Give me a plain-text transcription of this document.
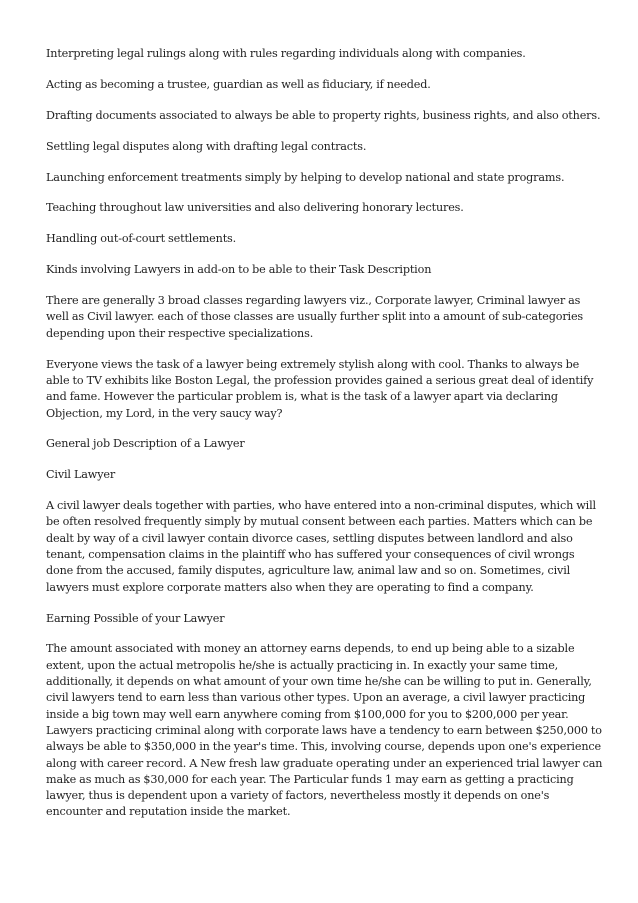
Interpreting legal rulings along with rules regarding individuals along with companies.

Acting as becoming a trustee, guardian as well as fiduciary, if needed.

Drafting documents associated to always be able to property rights, business rights, and also others.

Settling legal disputes along with drafting legal contracts.

Launching enforcement treatments simply by helping to develop national and state programs.

Teaching throughout law universities and also delivering honorary lectures.

Handling out-of-court settlements.

Kinds involving Lawyers in add-on to be able to their Task Description

There are generally 3 broad classes regarding lawyers viz., Corporate lawyer, Criminal lawyer as
well as Civil lawyer. each of those classes are usually further split into a amount of sub-categories
depending upon their respective specializations.

Everyone views the task of a lawyer being extremely stylish along with cool. Thanks to always be
able to TV exhibits like Boston Legal, the profession provides gained a serious great deal of identify
and fame. However the particular problem is, what is the task of a lawyer apart via declaring
Objection, my Lord, in the very saucy way?

General job Description of a Lawyer

Civil Lawyer

A civil lawyer deals together with parties, who have entered into a non-criminal disputes, which will
be often resolved frequently simply by mutual consent between each parties. Matters which can be
dealt by way of a civil lawyer contain divorce cases, settling disputes between landlord and also
tenant, compensation claims in the plaintiff who has suffered your consequences of civil wrongs
done from the accused, family disputes, agriculture law, animal law and so on. Sometimes, civil
lawyers must explore corporate matters also when they are operating to find a company.

Earning Possible of your Lawyer

The amount associated with money an attorney earns depends, to end up being able to a sizable
extent, upon the actual metropolis he/she is actually practicing in. In exactly your same time,
additionally, it depends on what amount of your own time he/she can be willing to put in. Generally,
civil lawyers tend to earn less than various other types. Upon an average, a civil lawyer practicing
inside a big town may well earn anywhere coming from $100,000 for you to $200,000 per year.
Lawyers practicing criminal along with corporate laws have a tendency to earn between $250,000 to
always be able to $350,000 in the year's time. This, involving course, depends upon one's experience
along with career record. A New fresh law graduate operating under an experienced trial lawyer can
make as much as $30,000 for each year. The Particular funds 1 may earn as getting a practicing
lawyer, thus is dependent upon a variety of factors, nevertheless mostly it depends on one's
encounter and reputation inside the market.
